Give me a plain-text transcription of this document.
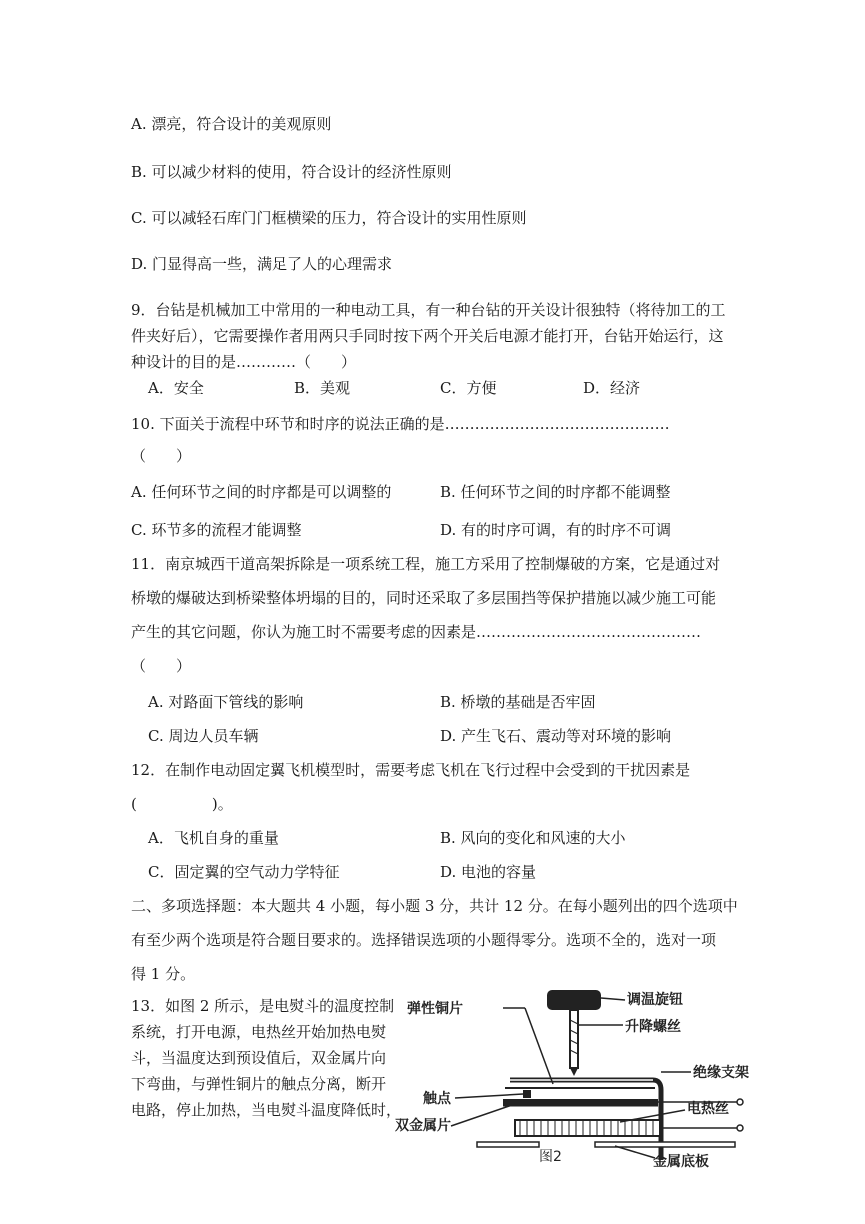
A. 漂亮，符合设计的美观原则
B. 可以减少材料的使用，符合设计的经济性原则
C. 可以减轻石库门门框横梁的压力，符合设计的实用性原则
D. 门显得高一些，满足了人的心理需求
9．台钻是机械加工中常用的一种电动工具，有一种台钻的开关设计很独特（将待加工的工
件夹好后），它需要操作者用两只手同时按下两个开关后电源才能打开，台钻开始运行，这
种设计的目的是…………（　　）
A．安全	B．美观	C．方便	D．经济
10. 下面关于流程中环节和时序的说法正确的是………………………………………
（　　）
A. 任何环节之间的时序都是可以调整的	B. 任何环节之间的时序都不能调整
C. 环节多的流程才能调整	D. 有的时序可调，有的时序不可调
11．南京城西干道高架拆除是一项系统工程，施工方采用了控制爆破的方案，它是通过对
桥墩的爆破达到桥梁整体坍塌的目的，同时还采取了多层围挡等保护措施以减少施工可能
产生的其它问题，你认为施工时不需要考虑的因素是………………………………………
（　　）
A. 对路面下管线的影响	B. 桥墩的基础是否牢固
C. 周边人员车辆	D. 产生飞石、震动等对环境的影响
12．在制作电动固定翼飞机模型时，需要考虑飞机在飞行过程中会受到的干扰因素是
(　　　　　)。
A．飞机自身的重量	B. 风向的变化和风速的大小
C．固定翼的空气动力学特征	D. 电池的容量
二、多项选择题：本大题共 4 小题，每小题 3 分，共计 12 分。在每小题列出的四个选项中
有至少两个选项是符合题目要求的。选择错误选项的小题得零分。选项不全的，选对一项
得 1 分。
13．如图 2 所示，是电熨斗的温度控制
系统，打开电源，电热丝开始加热电熨
斗，当温度达到预设值后，双金属片向
下弯曲，与弹性铜片的触点分离，断开
电路，停止加热，当电熨斗温度降低时，
调温旋钮
升降螺丝
绝缘支架
弹性铜片
触点
双金属片
电热丝
金属底板
图2
